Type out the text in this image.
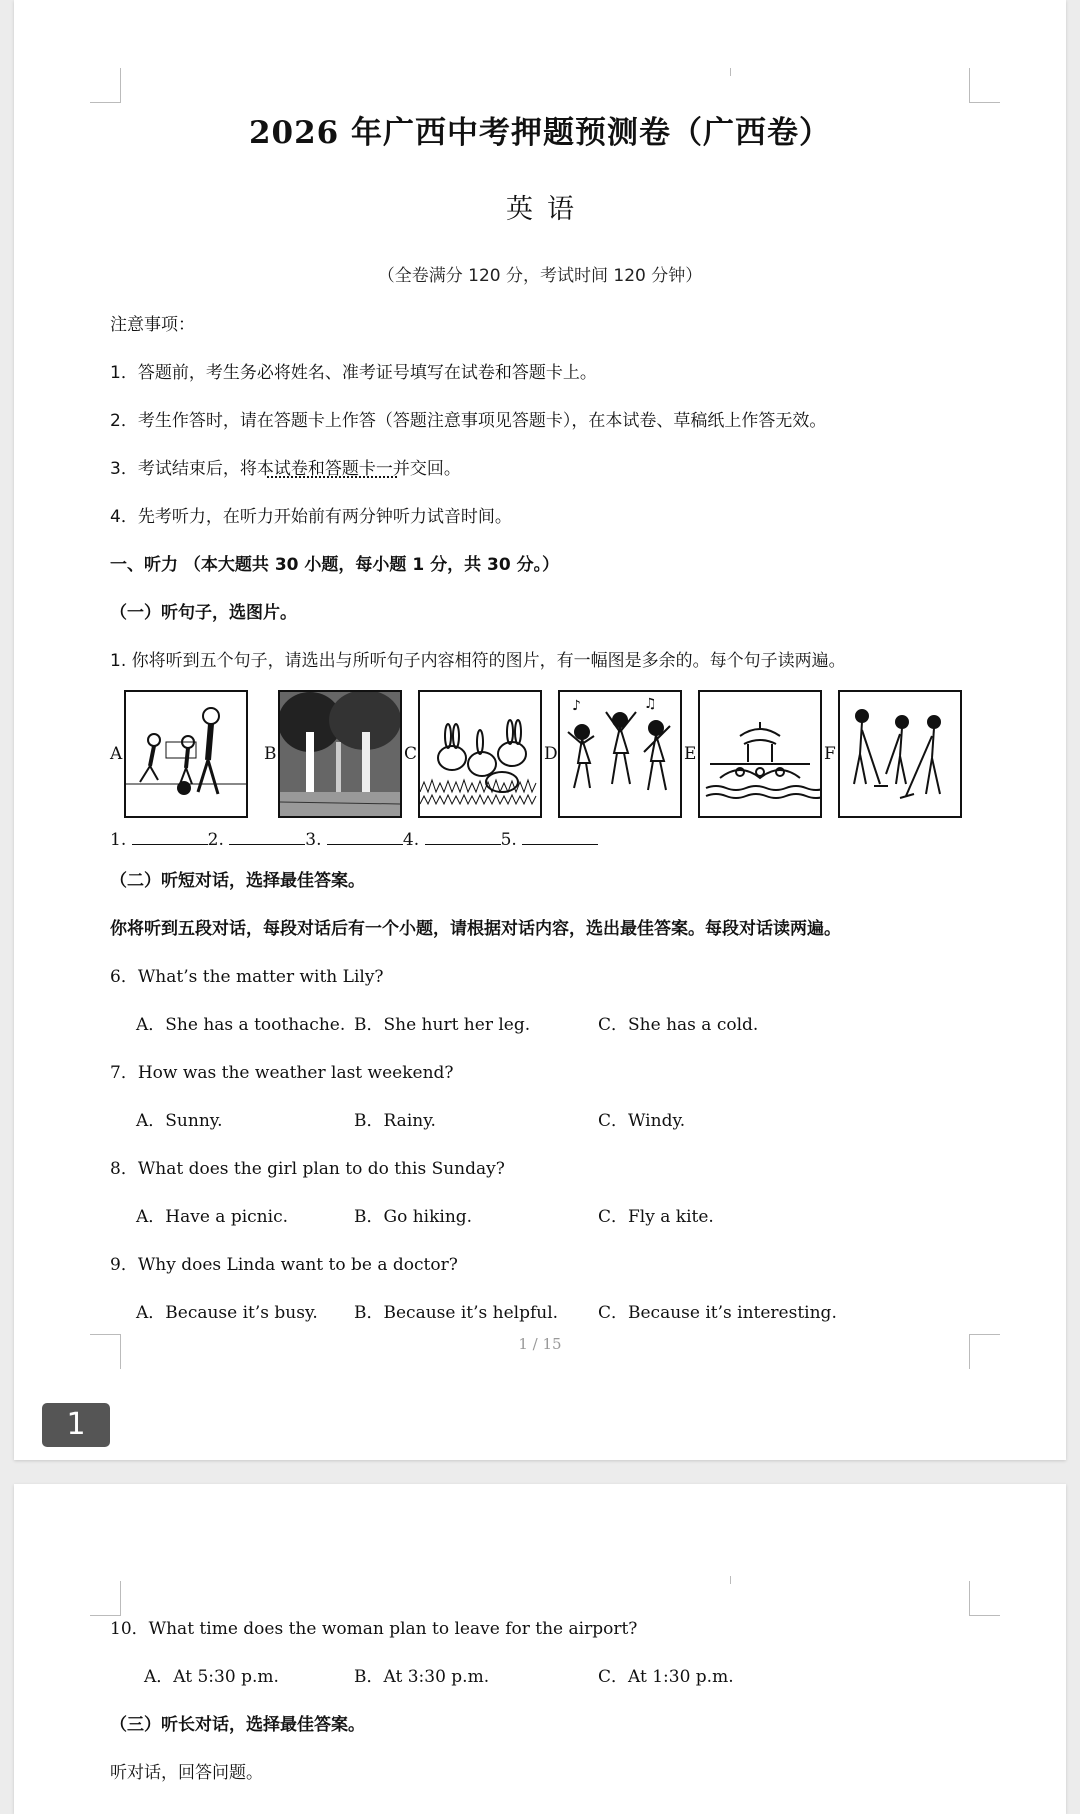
2026 年广西中考押题预测卷（广西卷）
英语
（全卷满分 120 分，考试时间 120 分钟）
注意事项：
1．答题前，考生务必将姓名、准考证号填写在试卷和答题卡上。
2．考生作答时，请在答题卡上作答（答题注意事项见答题卡），在本试卷、草稿纸上作答无效。
3．考试结束后，将本试卷和答题卡一并交回。
4．先考听力，在听力开始前有两分钟听力试音时间。
一、听力 （本大题共 30 小题，每小题 1 分，共 30 分。）
（一）听句子，选图片。
1. 你将听到五个句子，请选出与所听句子内容相符的图片，有一幅图是多余的。每个句子读两遍。
A	B	C	D
♪	♫
E	F
1.	2.	3.	4.	5.
（二）听短对话，选择最佳答案。
你将听到五段对话，每段对话后有一个小题，请根据对话内容，选出最佳答案。每段对话读两遍。
6．What’s the matter with Lily?
A．She has a toothache. B．She hurt her leg.	C．She has a cold.
7．How was the weather last weekend?
A．Sunny.	B．Rainy.	C．Windy.
8．What does the girl plan to do this Sunday?
A．Have a picnic.	B．Go hiking.	C．Fly a kite.
9．Why does Linda want to be a doctor?
A．Because it’s busy. B．Because it’s helpful. C．Because it’s interesting.
1 / 15
1
10．What time does the woman plan to leave for the airport?
A．At 5:30 p.m.	B．At 3:30 p.m.	C．At 1:30 p.m.
（三）听长对话，选择最佳答案。
听对话，回答问题。
